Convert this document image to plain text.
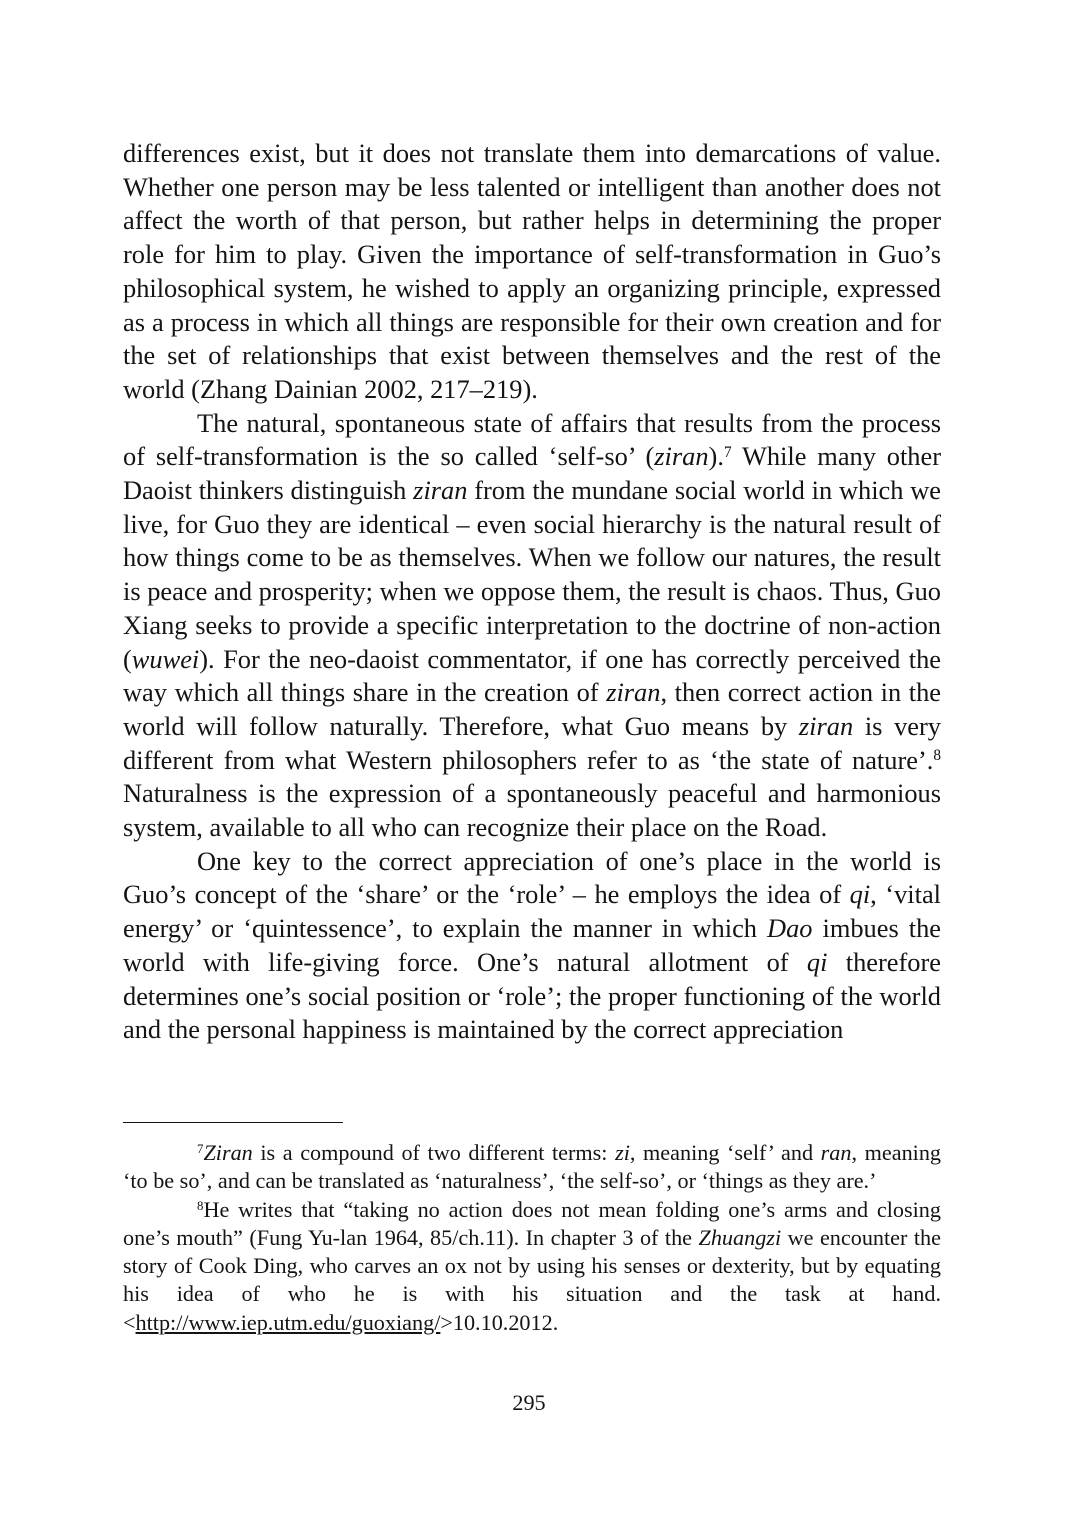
differences exist, but it does not translate them into demarcations of value. Whether one person may be less talented or intelligent than another does not affect the worth of that person, but rather helps in determining the proper role for him to play. Given the importance of self-transformation in Guo’s philosophical system, he wished to apply an organizing principle, expressed as a process in which all things are responsible for their own creation and for the set of relationships that exist between themselves and the rest of the world (Zhang Dainian 2002, 217–219).

The natural, spontaneous state of affairs that results from the process of self-transformation is the so called ‘self-so’ (ziran).$^7$ While many other Daoist thinkers distinguish ziran from the mundane social world in which we live, for Guo they are identical – even social hierarchy is the natural result of how things come to be as themselves. When we follow our natures, the result is peace and prosperity; when we oppose them, the result is chaos. Thus, Guo Xiang seeks to provide a specific interpretation to the doctrine of non-action (wuwei). For the neo-daoist commentator, if one has correctly perceived the way which all things share in the creation of ziran, then correct action in the world will follow naturally. Therefore, what Guo means by ziran is very different from what Western philosophers refer to as ‘the state of nature’.$^8$ Naturalness is the expression of a spontaneously peaceful and harmonious system, available to all who can recognize their place on the Road.

One key to the correct appreciation of one’s place in the world is Guo’s concept of the ‘share’ or the ‘role’ – he employs the idea of qi, ‘vital energy’ or ‘quintessence’, to explain the manner in which Dao imbues the world with life-giving force. One’s natural allotment of qi therefore determines one’s social position or ‘role’; the proper functioning of the world and the personal happiness is maintained by the correct appreciation

$^7$Ziran is a compound of two different terms: zi, meaning ‘self’ and ran, meaning ‘to be so’, and can be translated as ‘naturalness’, ‘the self-so’, or ‘things as they are.’

$^8$He writes that “taking no action does not mean folding one’s arms and closing one’s mouth” (Fung Yu-lan 1964, 85/ch.11). In chapter 3 of the Zhuangzi we encounter the story of Cook Ding, who carves an ox not by using his senses or dexterity, but by equating his idea of who he is with his situation and the task at hand. <http://www.iep.utm.edu/guoxiang/>10.10.2012.

295
